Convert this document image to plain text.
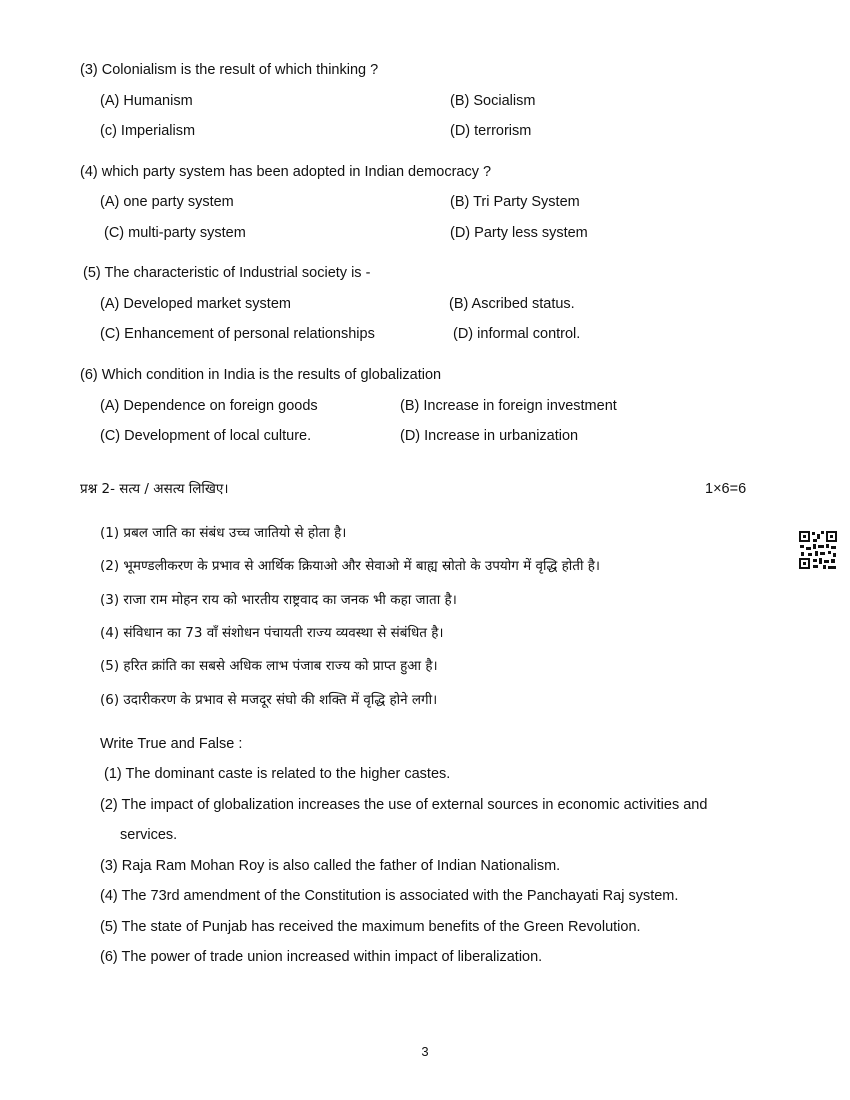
(3) Colonialism is the result of which thinking ?
(A) Humanism	(B) Socialism
(c) Imperialism	(D) terrorism
(4) which party system has been adopted in Indian democracy ?
(A) one party system	(B) Tri Party System
(C) multi-party system	(D) Party less system
(5) The characteristic of Industrial society is -
(A) Developed market system	(B) Ascribed status.
(C) Enhancement of personal relationships	(D) informal control.
(6) Which condition in India is the results of globalization
(A) Dependence on foreign goods	(B) Increase in foreign investment
(C) Development of local culture.	(D) Increase in urbanization
प्रश्न 2- सत्य / असत्य लिखिए।	1×6=6
(1) प्रबल जाति का संबंध उच्च जातियो से होता है।
(2) भूमण्डलीकरण के प्रभाव से आर्थिक क्रियाओ और सेवाओ में बाह्य स्रोतो के उपयोग में वृद्धि होती है।
(3) राजा राम मोहन राय को भारतीय राष्ट्रवाद का जनक भी कहा जाता है।
(4) संविधान का 73 वाँ संशोधन पंचायती राज्य व्यवस्था से संबंधित है।
(5) हरित क्रांति का सबसे अधिक लाभ पंजाब राज्य को प्राप्त हुआ है।
(6) उदारीकरण के प्रभाव से मजदूर संघो की शक्ति में वृद्धि होने लगी।
Write True and False :
(1) The dominant caste is related to the higher castes.
(2) The impact of globalization increases the use of external sources in economic activities and
services.
(3) Raja Ram Mohan Roy is also called the father of Indian Nationalism.
(4) The 73rd amendment of the Constitution is associated with the Panchayati Raj system.
(5) The state of Punjab has received the maximum benefits of the Green Revolution.
(6) The power of trade union increased within impact of liberalization.
3
